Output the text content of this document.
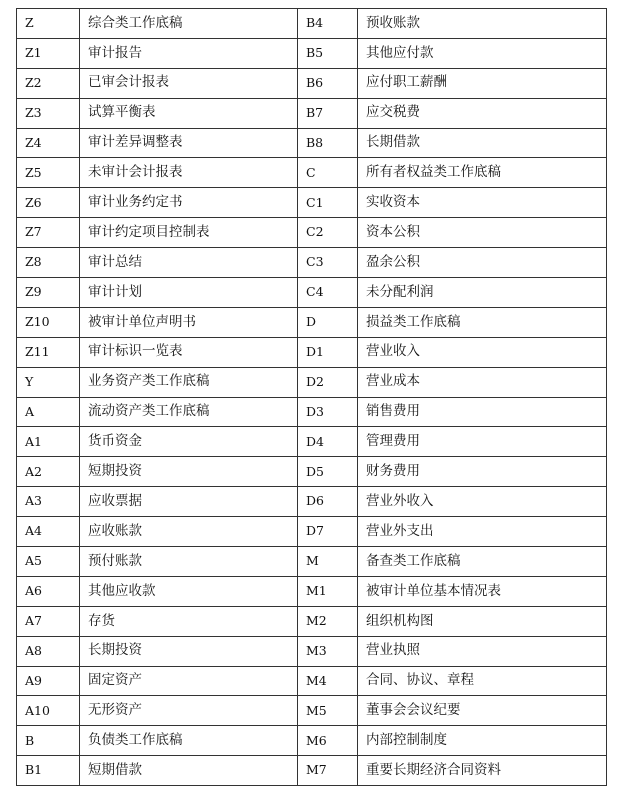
Z	综合类工作底稿	B4	预收账款
Z1	审计报告	B5	其他应付款
Z2	已审会计报表	B6	应付职工薪酬
Z3	试算平衡表	B7	应交税费
Z4	审计差异调整表	B8	长期借款
Z5	未审计会计报表	C	所有者权益类工作底稿
Z6	审计业务约定书	C1	实收资本
Z7	审计约定项目控制表	C2	资本公积
Z8	审计总结	C3	盈余公积
Z9	审计计划	C4	未分配利润
Z10	被审计单位声明书	D	损益类工作底稿
Z11	审计标识一览表	D1	营业收入
Y	业务资产类工作底稿	D2	营业成本
A	流动资产类工作底稿	D3	销售费用
A1	货币资金	D4	管理费用
A2	短期投资	D5	财务费用
A3	应收票据	D6	营业外收入
A4	应收账款	D7	营业外支出
A5	预付账款	M	备查类工作底稿
A6	其他应收款	M1	被审计单位基本情况表
A7	存货	M2	组织机构图
A8	长期投资	M3	营业执照
A9	固定资产	M4	合同、协议、章程
A10	无形资产	M5	董事会会议纪要
B	负债类工作底稿	M6	内部控制制度
B1	短期借款	M7	重要长期经济合同资料
